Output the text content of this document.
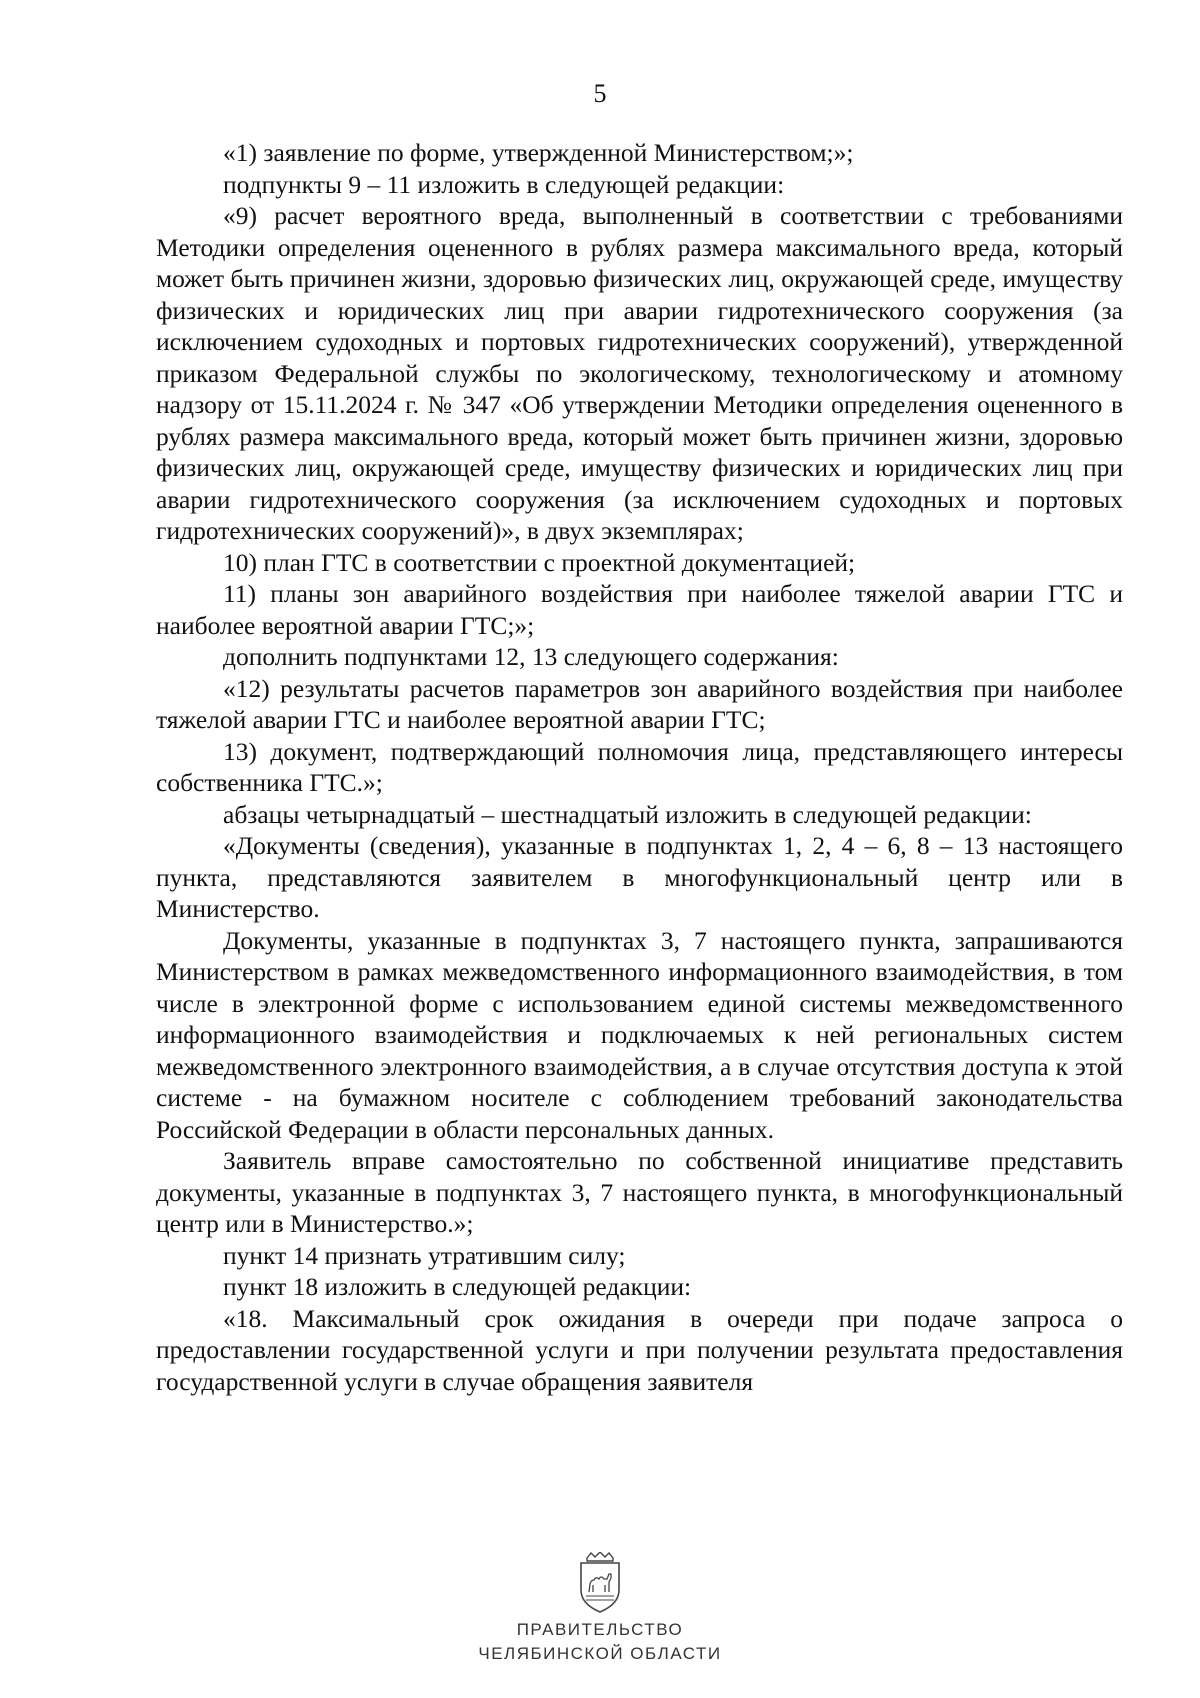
5

«1) заявление по форме, утвержденной Министерством;»;

подпункты 9 – 11 изложить в следующей редакции:

«9) расчет вероятного вреда, выполненный в соответствии с требованиями Методики определения оцененного в рублях размера максимального вреда, который может быть причинен жизни, здоровью физических лиц, окружающей среде, имуществу физических и юридических лиц при аварии гидротехнического сооружения (за исключением судоходных и портовых гидротехнических сооружений), утвержденной приказом Федеральной службы по экологическому, технологическому и атомному надзору от 15.11.2024 г. № 347 «Об утверждении Методики определения оцененного в рублях размера максимального вреда, который может быть причинен жизни, здоровью физических лиц, окружающей среде, имуществу физических и юридических лиц при аварии гидротехнического сооружения (за исключением судоходных и портовых гидротехнических сооружений)», в двух экземплярах;

10) план ГТС в соответствии с проектной документацией;

11) планы зон аварийного воздействия при наиболее тяжелой аварии ГТС и наиболее вероятной аварии ГТС;»;

дополнить подпунктами 12, 13 следующего содержания:

«12) результаты расчетов параметров зон аварийного воздействия при наиболее тяжелой аварии ГТС и наиболее вероятной аварии ГТС;

13) документ, подтверждающий полномочия лица, представляющего интересы собственника ГТС.»;

абзацы четырнадцатый – шестнадцатый изложить в следующей редакции:

«Документы (сведения), указанные в подпунктах 1, 2, 4 – 6, 8 – 13 настоящего пункта, представляются заявителем в многофункциональный центр или в Министерство.

Документы, указанные в подпунктах 3, 7 настоящего пункта, запрашиваются Министерством в рамках межведомственного информационного взаимодействия, в том числе в электронной форме с использованием единой системы межведомственного информационного взаимодействия и подключаемых к ней региональных систем межведомственного электронного взаимодействия, а в случае отсутствия доступа к этой системе - на бумажном носителе с соблюдением требований законодательства Российской Федерации в области персональных данных.

Заявитель вправе самостоятельно по собственной инициативе представить документы, указанные в подпунктах 3, 7 настоящего пункта, в многофункциональный центр или в Министерство.»;

пункт 14 признать утратившим силу;

пункт 18 изложить в следующей редакции:

«18. Максимальный срок ожидания в очереди при подаче запроса о предоставлении государственной услуги и при получении результата предоставления государственной услуги в случае обращения заявителя

ПРАВИТЕЛЬСТВО
ЧЕЛЯБИНСКОЙ ОБЛАСТИ
